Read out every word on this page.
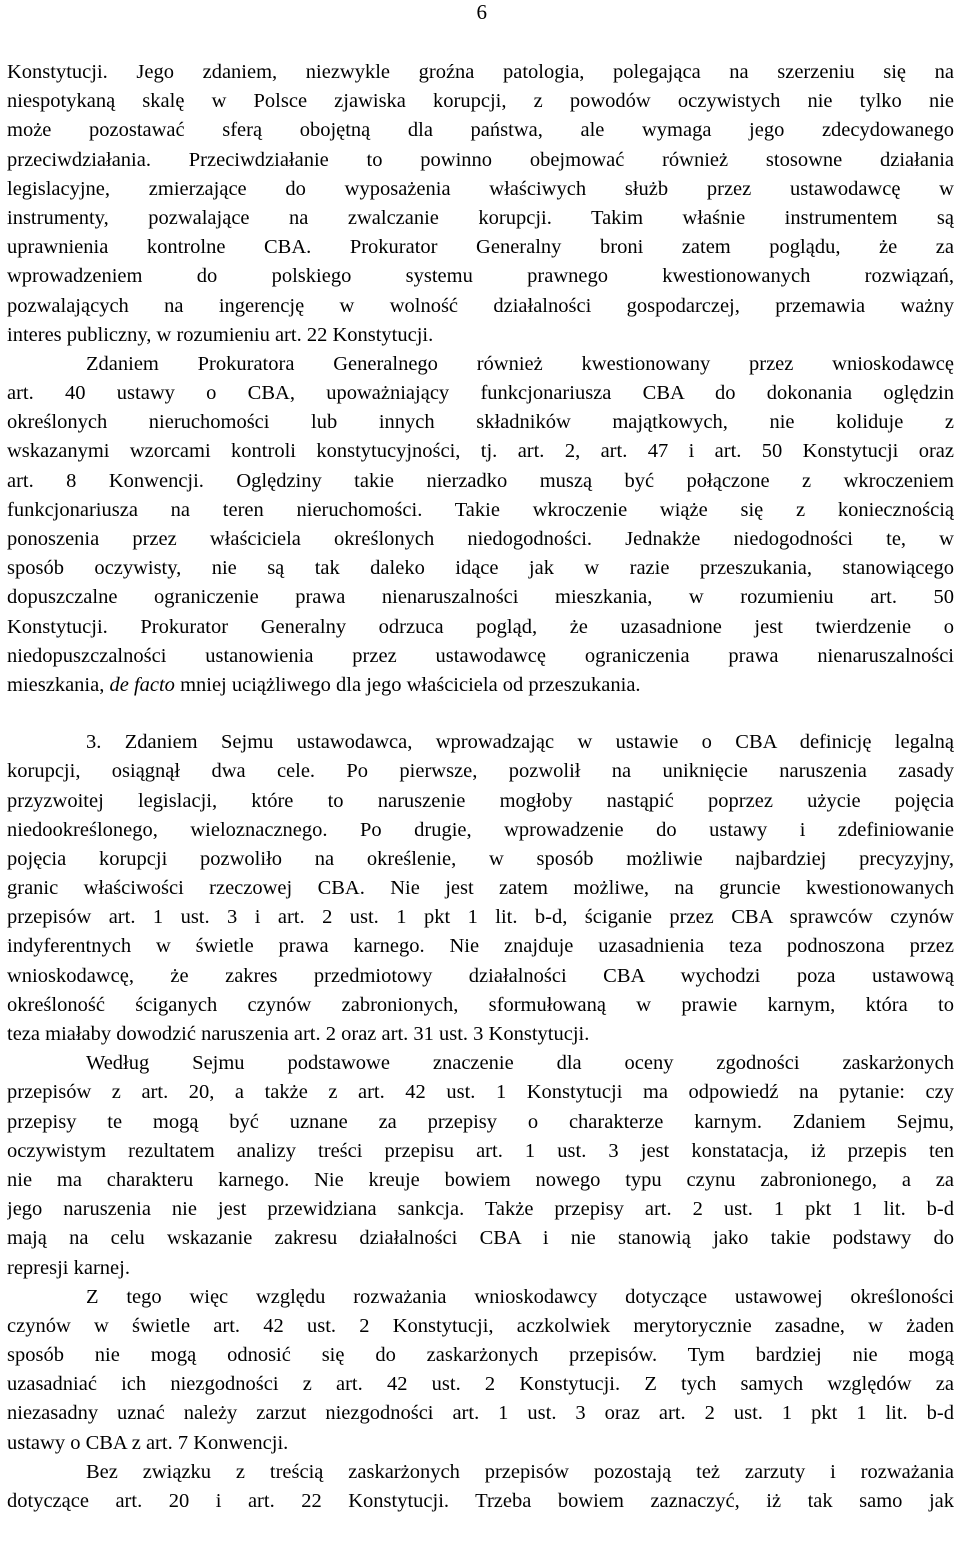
6
Konstytucji. Jego zdaniem, niezwykle groźna patologia, polegająca na szerzeniu się na
niespotykaną skalę w Polsce zjawiska korupcji, z powodów oczywistych nie tylko nie
może pozostawać sferą obojętną dla państwa, ale wymaga jego zdecydowanego
przeciwdziałania. Przeciwdziałanie to powinno obejmować również stosowne działania
legislacyjne, zmierzające do wyposażenia właściwych służb przez ustawodawcę w
instrumenty, pozwalające na zwalczanie korupcji. Takim właśnie instrumentem są
uprawnienia kontrolne CBA. Prokurator Generalny broni zatem poglądu, że za
wprowadzeniem do polskiego systemu prawnego kwestionowanych rozwiązań,
pozwalających na ingerencję w wolność działalności gospodarczej, przemawia ważny
interes publiczny, w rozumieniu art. 22 Konstytucji.
Zdaniem Prokuratora Generalnego również kwestionowany przez wnioskodawcę
art. 40 ustawy o CBA, upoważniający funkcjonariusza CBA do dokonania oględzin
określonych nieruchomości lub innych składników majątkowych, nie koliduje z
wskazanymi wzorcami kontroli konstytucyjności, tj. art. 2, art. 47 i art. 50 Konstytucji oraz
art. 8 Konwencji. Oględziny takie nierzadko muszą być połączone z wkroczeniem
funkcjonariusza na teren nieruchomości. Takie wkroczenie wiąże się z koniecznością
ponoszenia przez właściciela określonych niedogodności. Jednakże niedogodności te, w
sposób oczywisty, nie są tak daleko idące jak w razie przeszukania, stanowiącego
dopuszczalne ograniczenie prawa nienaruszalności mieszkania, w rozumieniu art. 50
Konstytucji. Prokurator Generalny odrzuca pogląd, że uzasadnione jest twierdzenie o
niedopuszczalności ustanowienia przez ustawodawcę ograniczenia prawa nienaruszalności
mieszkania, de facto mniej uciążliwego dla jego właściciela od przeszukania.
3. Zdaniem Sejmu ustawodawca, wprowadzając w ustawie o CBA definicję legalną
korupcji, osiągnął dwa cele. Po pierwsze, pozwolił na uniknięcie naruszenia zasady
przyzwoitej legislacji, które to naruszenie mogłoby nastąpić poprzez użycie pojęcia
niedookreślonego, wieloznacznego. Po drugie, wprowadzenie do ustawy i zdefiniowanie
pojęcia korupcji pozwoliło na określenie, w sposób możliwie najbardziej precyzyjny,
granic właściwości rzeczowej CBA. Nie jest zatem możliwe, na gruncie kwestionowanych
przepisów art. 1 ust. 3 i art. 2 ust. 1 pkt 1 lit. b-d, ściganie przez CBA sprawców czynów
indyferentnych w świetle prawa karnego. Nie znajduje uzasadnienia teza podnoszona przez
wnioskodawcę, że zakres przedmiotowy działalności CBA wychodzi poza ustawową
określoność ściganych czynów zabronionych, sformułowaną w prawie karnym, która to
teza miałaby dowodzić naruszenia art. 2 oraz art. 31 ust. 3 Konstytucji.
Według Sejmu podstawowe znaczenie dla oceny zgodności zaskarżonych
przepisów z art. 20, a także z art. 42 ust. 1 Konstytucji ma odpowiedź na pytanie: czy
przepisy te mogą być uznane za przepisy o charakterze karnym. Zdaniem Sejmu,
oczywistym rezultatem analizy treści przepisu art. 1 ust. 3 jest konstatacja, iż przepis ten
nie ma charakteru karnego. Nie kreuje bowiem nowego typu czynu zabronionego, a za
jego naruszenia nie jest przewidziana sankcja. Także przepisy art. 2 ust. 1 pkt 1 lit. b-d
mają na celu wskazanie zakresu działalności CBA i nie stanowią jako takie podstawy do
represji karnej.
Z tego więc względu rozważania wnioskodawcy dotyczące ustawowej określoności
czynów w świetle art. 42 ust. 2 Konstytucji, aczkolwiek merytorycznie zasadne, w żaden
sposób nie mogą odnosić się do zaskarżonych przepisów. Tym bardziej nie mogą
uzasadniać ich niezgodności z art. 42 ust. 2 Konstytucji. Z tych samych względów za
niezasadny uznać należy zarzut niezgodności art. 1 ust. 3 oraz art. 2 ust. 1 pkt 1 lit. b-d
ustawy o CBA z art. 7 Konwencji.
Bez związku z treścią zaskarżonych przepisów pozostają też zarzuty i rozważania
dotyczące art. 20 i art. 22 Konstytucji. Trzeba bowiem zaznaczyć, iż tak samo jak
